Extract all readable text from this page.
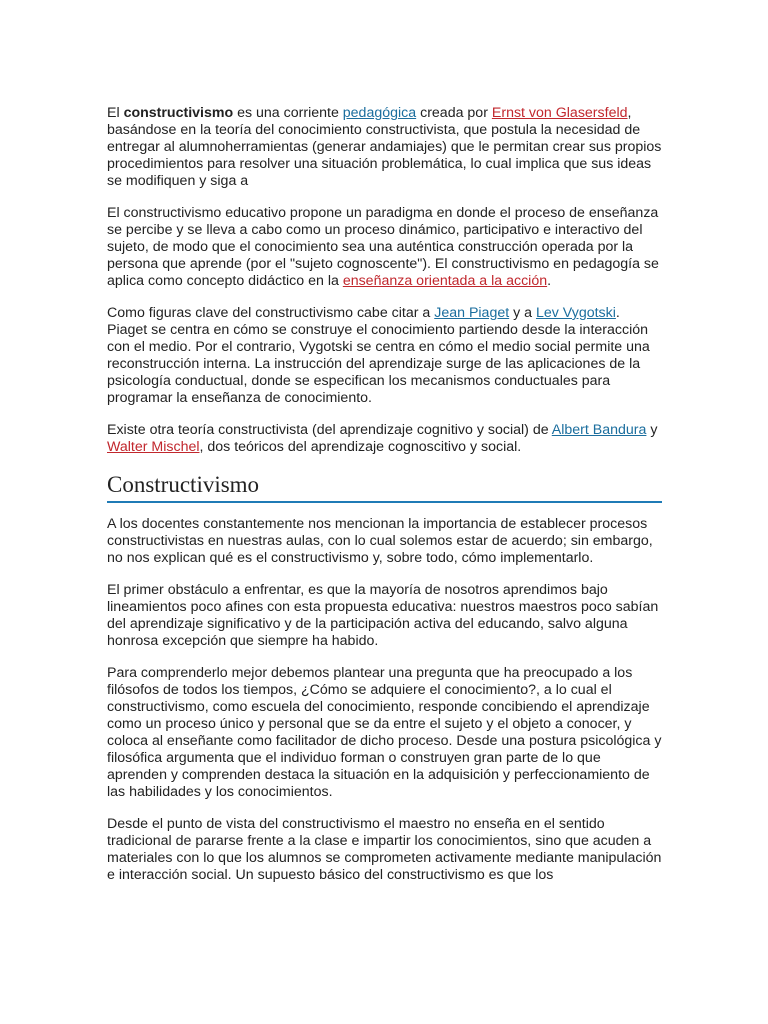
El constructivismo es una corriente pedagógica creada por Ernst von Glasersfeld, basándose en la teoría del conocimiento constructivista, que postula la necesidad de entregar al alumnoherramientas (generar andamiajes) que le permitan crear sus propios procedimientos para resolver una situación problemática, lo cual implica que sus ideas se modifiquen y siga a

El constructivismo educativo propone un paradigma en donde el proceso de enseñanza se percibe y se lleva a cabo como un proceso dinámico, participativo e interactivo del sujeto, de modo que el conocimiento sea una auténtica construcción operada por la persona que aprende (por el "sujeto cognoscente"). El constructivismo en pedagogía se aplica como concepto didáctico en la enseñanza orientada a la acción.

Como figuras clave del constructivismo cabe citar a Jean Piaget y a Lev Vygotski. Piaget se centra en cómo se construye el conocimiento partiendo desde la interacción con el medio. Por el contrario, Vygotski se centra en cómo el medio social permite una reconstrucción interna. La instrucción del aprendizaje surge de las aplicaciones de la psicología conductual, donde se especifican los mecanismos conductuales para programar la enseñanza de conocimiento.

Existe otra teoría constructivista (del aprendizaje cognitivo y social) de Albert Bandura y Walter Mischel, dos teóricos del aprendizaje cognoscitivo y social.

Constructivismo

A los docentes constantemente nos mencionan la importancia de establecer procesos constructivistas en nuestras aulas, con lo cual solemos estar de acuerdo; sin embargo, no nos explican qué es el constructivismo y, sobre todo, cómo implementarlo.

El primer obstáculo a enfrentar, es que la mayoría de nosotros aprendimos bajo lineamientos poco afines con esta propuesta educativa: nuestros maestros poco sabían del aprendizaje significativo y de la participación activa del educando, salvo alguna honrosa excepción que siempre ha habido.

Para comprenderlo mejor debemos plantear una pregunta que ha preocupado a los filósofos de todos los tiempos, ¿Cómo se adquiere el conocimiento?, a lo cual el constructivismo, como escuela del conocimiento, responde concibiendo el aprendizaje como un proceso único y personal que se da entre el sujeto y el objeto a conocer, y coloca al enseñante como facilitador de dicho proceso. Desde una postura psicológica y filosófica argumenta que el individuo forman o construyen gran parte de lo que aprenden y comprenden destaca la situación en la adquisición y perfeccionamiento de las habilidades y los conocimientos.

Desde el punto de vista del constructivismo el maestro no enseña en el sentido tradicional de pararse frente a la clase e impartir los conocimientos, sino que acuden a materiales con lo que los alumnos se comprometen activamente mediante manipulación e interacción social. Un supuesto básico del constructivismo es que los
